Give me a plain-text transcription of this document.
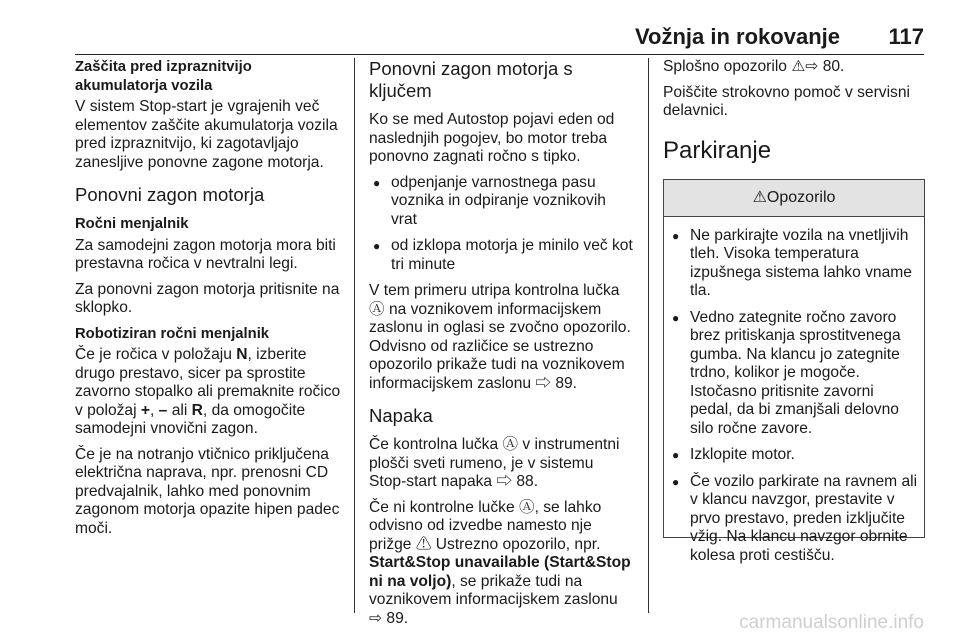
Vožnja in rokovanje 117
Zaščita pred izpraznitvijo akumulatorja vozila

V sistem Stop-start je vgrajenih več elementov zaščite akumulatorja vozila pred izpraznitvijo, ki zagotavljajo zanesljive ponovne zagone motorja.

Ponovni zagon motorja
Ročni menjalnik

Za samodejni zagon motorja mora biti prestavna ročica v nevtralni legi.

Za ponovni zagon motorja pritisnite na sklopko.

Robotiziran ročni menjalnik

Če je ročica v položaju N, izberite drugo prestavo, sicer pa sprostite zavorno stopalko ali premaknite ročico v položaj +, – ali R, da omogočite samodejni vnovični zagon.

Če je na notranjo vtičnico priključena električna naprava, npr. prenosni CD predvajalnik, lahko med ponovnim zagonom motorja opazite hipen padec moči.

Ponovni zagon motorja s ključem

Ko se med Autostop pojavi eden od naslednjih pogojev, bo motor treba ponovno zagnati ročno s tipko.

● odpenjanje varnostnega pasu voznika in odpiranje voznikovih vrat
● od izklopa motorja je minilo več kot tri minute

V tem primeru utripa kontrolna lučka Ⓐ na voznikovem informacijskem zaslonu in oglasi se zvočno opozorilo. Odvisno od različice se ustrezno opozorilo prikaže tudi na voznikovem informacijskem zaslonu ⇨ 89.

Napaka

Če kontrolna lučka Ⓐ v instrumentni plošči sveti rumeno, je v sistemu Stop-start napaka ⇨ 88.

Če ni kontrolne lučke Ⓐ, se lahko odvisno od izvedbe namesto nje prižge ⚠ Ustrezno opozorilo, npr. Start&Stop unavailable (Start&Stop ni na voljo), se prikaže tudi na voznikovem informacijskem zaslonu ⇨ 89.

Splošno opozorilo ⚠⇨ 80.

Poiščite strokovno pomoč v servisni delavnici.

Parkiranje
⚠Opozorilo
● Ne parkirajte vozila na vnetljivih tleh. Visoka temperatura izpušnega sistema lahko vname tla.
● Vedno zategnite ročno zavoro brez pritiskanja sprostitvenega gumba. Na klancu jo zategnite trdno, kolikor je mogoče. Istočasno pritisnite zavorni pedal, da bi zmanjšali delovno silo ročne zavore.
● Izklopite motor.
● Če vozilo parkirate na ravnem ali v klancu navzgor, prestavite v prvo prestavo, preden izključite vžig. Na klancu navzgor obrnite kolesa proti cestišču.
carmanualsonline.info
